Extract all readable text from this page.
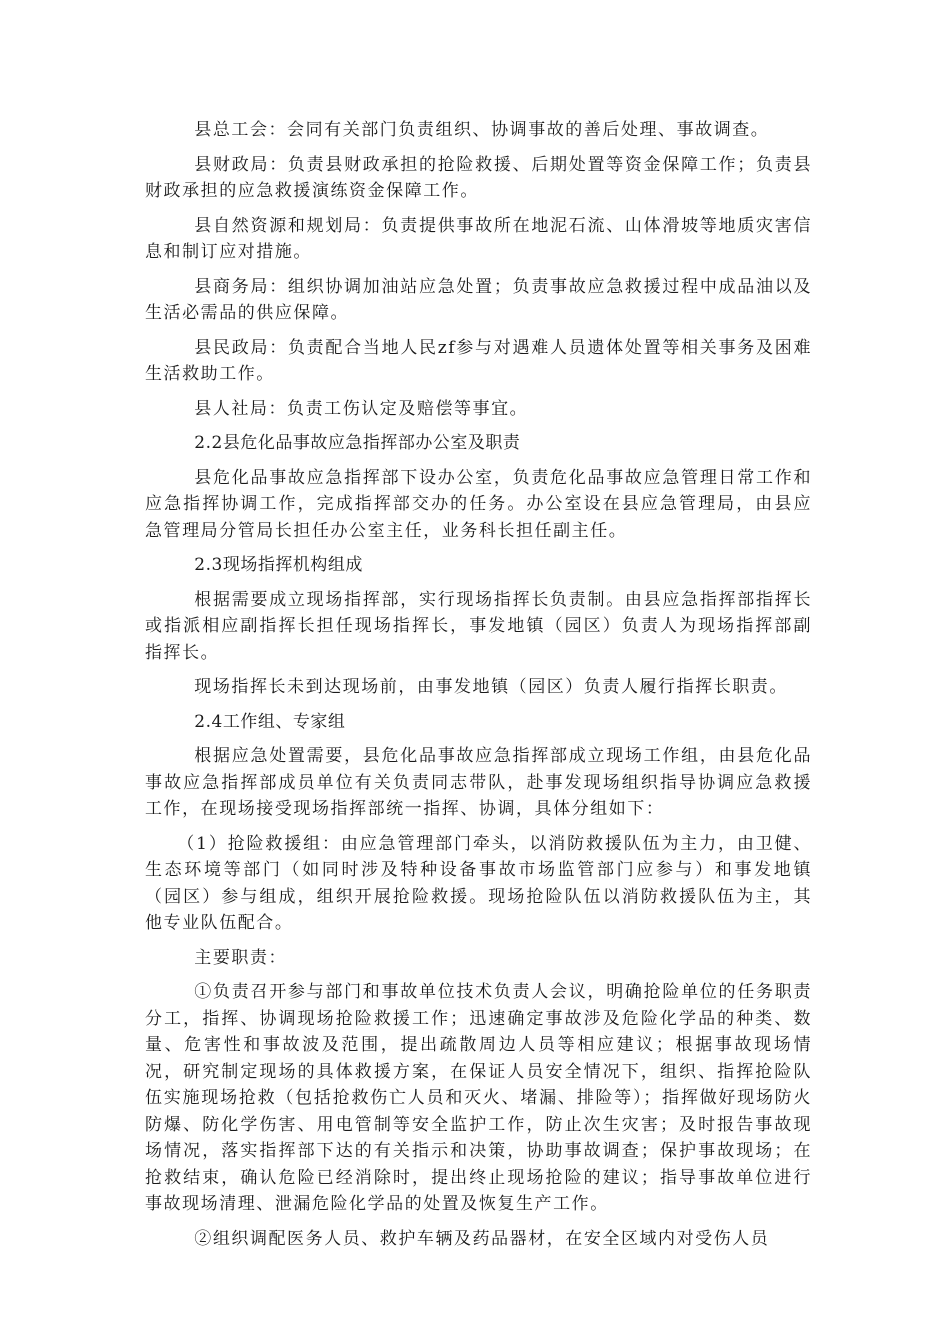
县总工会：会同有关部门负责组织、协调事故的善后处理、事故调查。

县财政局：负责县财政承担的抢险救援、后期处置等资金保障工作；负责县财政承担的应急救援演练资金保障工作。

县自然资源和规划局：负责提供事故所在地泥石流、山体滑坡等地质灾害信息和制订应对措施。

县商务局：组织协调加油站应急处置；负责事故应急救援过程中成品油以及生活必需品的供应保障。

县民政局：负责配合当地人民zf参与对遇难人员遗体处置等相关事务及困难生活救助工作。

县人社局：负责工伤认定及赔偿等事宜。

2.2县危化品事故应急指挥部办公室及职责

县危化品事故应急指挥部下设办公室，负责危化品事故应急管理日常工作和应急指挥协调工作，完成指挥部交办的任务。办公室设在县应急管理局，由县应急管理局分管局长担任办公室主任，业务科长担任副主任。

2.3现场指挥机构组成

根据需要成立现场指挥部，实行现场指挥长负责制。由县应急指挥部指挥长或指派相应副指挥长担任现场指挥长，事发地镇（园区）负责人为现场指挥部副指挥长。

现场指挥长未到达现场前，由事发地镇（园区）负责人履行指挥长职责。

2.4工作组、专家组

根据应急处置需要，县危化品事故应急指挥部成立现场工作组，由县危化品事故应急指挥部成员单位有关负责同志带队，赴事发现场组织指导协调应急救援工作，在现场接受现场指挥部统一指挥、协调，具体分组如下：

（1）抢险救援组：由应急管理部门牵头，以消防救援队伍为主力，由卫健、生态环境等部门（如同时涉及特种设备事故市场监管部门应参与）和事发地镇（园区）参与组成，组织开展抢险救援。现场抢险队伍以消防救援队伍为主，其他专业队伍配合。

主要职责：

①负责召开参与部门和事故单位技术负责人会议，明确抢险单位的任务职责分工，指挥、协调现场抢险救援工作；迅速确定事故涉及危险化学品的种类、数量、危害性和事故波及范围，提出疏散周边人员等相应建议；根据事故现场情况，研究制定现场的具体救援方案，在保证人员安全情况下，组织、指挥抢险队伍实施现场抢救（包括抢救伤亡人员和灭火、堵漏、排险等）；指挥做好现场防火防爆、防化学伤害、用电管制等安全监护工作，防止次生灾害；及时报告事故现场情况，落实指挥部下达的有关指示和决策，协助事故调查；保护事故现场；在抢救结束，确认危险已经消除时，提出终止现场抢险的建议；指导事故单位进行事故现场清理、泄漏危险化学品的处置及恢复生产工作。

②组织调配医务人员、救护车辆及药品器材，在安全区域内对受伤人员
